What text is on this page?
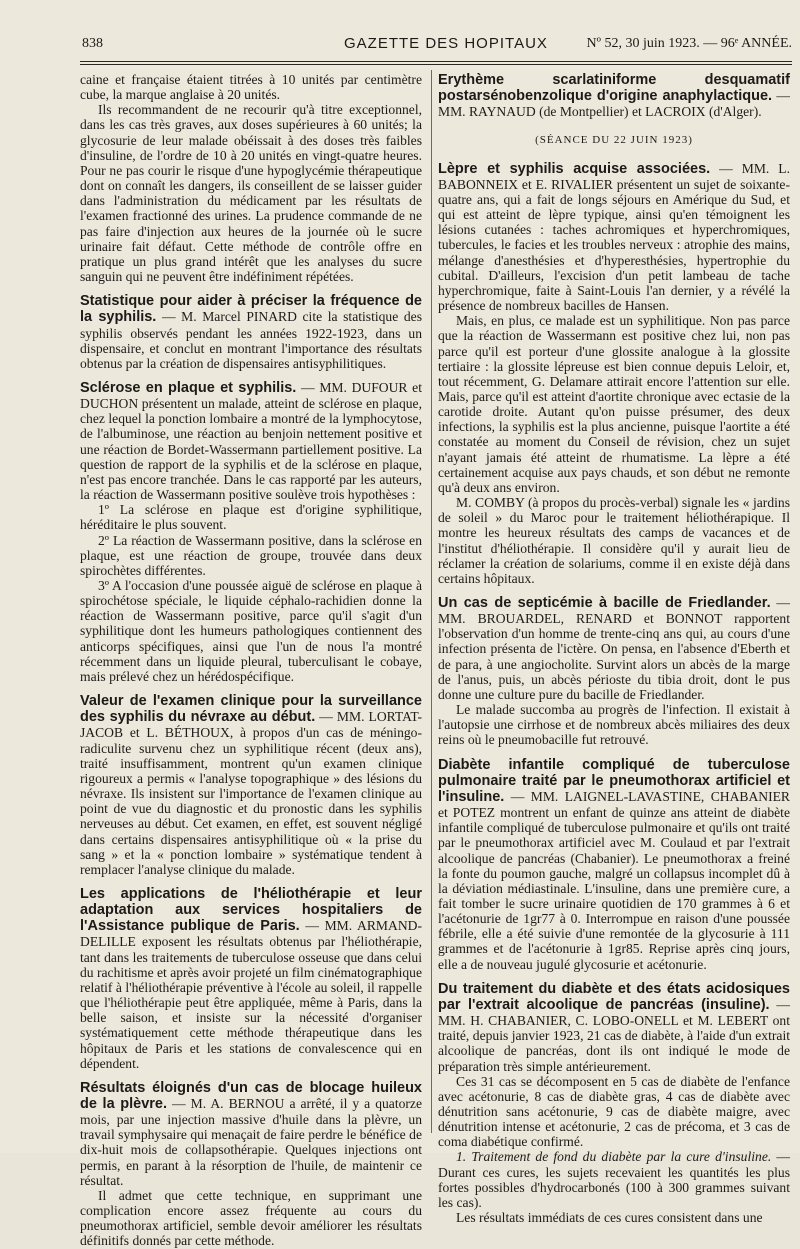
838	GAZETTE DES HOPITAUX	Nº 52, 30 juin 1923. — 96ᵉ ANNÉE.

caine et française étaient titrées à 10 unités par centimètre cube, la marque anglaise à 20 unités.

Ils recommandent de ne recourir qu'à titre exceptionnel, dans les cas très graves, aux doses supérieures à 60 unités; la glycosurie de leur malade obéissait à des doses très faibles d'insuline, de l'ordre de 10 à 20 unités en vingt-quatre heures. Pour ne pas courir le risque d'une hypoglycémie thérapeutique dont on connaît les dangers, ils conseillent de se laisser guider dans l'administration du médicament par les résultats de l'examen fractionné des urines. La prudence commande de ne pas faire d'injection aux heures de la journée où le sucre urinaire fait défaut. Cette méthode de contrôle offre en pratique un plus grand intérêt que les analyses du sucre sanguin qui ne peuvent être indéfiniment répétées.

Statistique pour aider à préciser la fréquence de la syphilis. — M. Marcel PINARD cite la statistique des syphilis observés pendant les années 1922-1923, dans un dispensaire, et conclut en montrant l'importance des résultats obtenus par la création de dispensaires antisyphilitiques.

Sclérose en plaque et syphilis. — MM. DUFOUR et DUCHON présentent un malade, atteint de sclérose en plaque, chez lequel la ponction lombaire a montré de la lymphocytose, de l'albuminose, une réaction au benjoin nettement positive et une réaction de Bordet-Wassermann partiellement positive. La question de rapport de la syphilis et de la sclérose en plaque, n'est pas encore tranchée. Dans le cas rapporté par les auteurs, la réaction de Wassermann positive soulève trois hypothèses :

1º La sclérose en plaque est d'origine syphilitique, héréditaire le plus souvent.

2º La réaction de Wassermann positive, dans la sclérose en plaque, est une réaction de groupe, trouvée dans deux spirochètes différentes.

3º A l'occasion d'une poussée aiguë de sclérose en plaque à spirochétose spéciale, le liquide céphalo-rachidien donne la réaction de Wassermann positive, parce qu'il s'agit d'un syphilitique dont les humeurs pathologiques contiennent des anticorps spécifiques, ainsi que l'un de nous l'a montré récemment dans un liquide pleural, tuberculisant le cobaye, mais prélevé chez un hérédospécifique.

Valeur de l'examen clinique pour la surveillance des syphilis du névraxe au début. — MM. LORTAT-JACOB et L. BÉTHOUX, à propos d'un cas de méningo-radiculite survenu chez un syphilitique récent (deux ans), traité insuffisamment, montrent qu'un examen clinique rigoureux a permis « l'analyse topographique » des lésions du névraxe. Ils insistent sur l'importance de l'examen clinique au point de vue du diagnostic et du pronostic dans les syphilis nerveuses au début. Cet examen, en effet, est souvent négligé dans certains dispensaires antisyphilitique où « la prise du sang » et la « ponction lombaire » systématique tendent à remplacer l'analyse clinique du malade.

Les applications de l'héliothérapie et leur adaptation aux services hospitaliers de l'Assistance publique de Paris. — MM. ARMAND-DELILLE exposent les résultats obtenus par l'héliothérapie, tant dans les traitements de tuberculose osseuse que dans celui du rachitisme et après avoir projeté un film cinématographique relatif à l'héliothérapie préventive à l'école au soleil, il rappelle que l'héliothérapie peut être appliquée, même à Paris, dans la belle saison, et insiste sur la nécessité d'organiser systématiquement cette méthode thérapeutique dans les hôpitaux de Paris et les stations de convalescence qui en dépendent.

Résultats éloignés d'un cas de blocage huileux de la plèvre. — M. A. BERNOU a arrêté, il y a quatorze mois, par une injection massive d'huile dans la plèvre, un travail symphysaire qui menaçait de faire perdre le bénéfice de dix-huit mois de collapsothérapie. Quelques injections ont permis, en parant à la résorption de l'huile, de maintenir ce résultat.

Il admet que cette technique, en supprimant une complication encore assez fréquente au cours du pneumothorax artificiel, semble devoir améliorer les résultats définitifs donnés par cette méthode.

Erythème scarlatiniforme desquamatif postarsénobenzolique d'origine anaphylactique. — MM. RAYNAUD (de Montpellier) et LACROIX (d'Alger).

(SÉANCE DU 22 JUIN 1923)

Lèpre et syphilis acquise associées. — MM. L. BABONNEIX et E. RIVALIER présentent un sujet de soixante-quatre ans, qui a fait de longs séjours en Amérique du Sud, et qui est atteint de lèpre typique, ainsi qu'en témoignent les lésions cutanées : taches achromiques et hyperchromiques, tubercules, le facies et les troubles nerveux : atrophie des mains, mélange d'anesthésies et d'hyperesthésies, hypertrophie du cubital. D'ailleurs, l'excision d'un petit lambeau de tache hyperchromique, faite à Saint-Louis l'an dernier, y a révélé la présence de nombreux bacilles de Hansen.

Mais, en plus, ce malade est un syphilitique. Non pas parce que la réaction de Wassermann est positive chez lui, non pas parce qu'il est porteur d'une glossite analogue à la glossite tertiaire : la glossite lépreuse est bien connue depuis Leloir, et, tout récemment, G. Delamare attirait encore l'attention sur elle. Mais, parce qu'il est atteint d'aortite chronique avec ectasie de la carotide droite. Autant qu'on puisse présumer, des deux infections, la syphilis est la plus ancienne, puisque l'aortite a été constatée au moment du Conseil de révision, chez un sujet n'ayant jamais été atteint de rhumatisme. La lèpre a été certainement acquise aux pays chauds, et son début ne remonte qu'à deux ans environ.

M. COMBY (à propos du procès-verbal) signale les « jardins de soleil » du Maroc pour le traitement héliothérapique. Il montre les heureux résultats des camps de vacances et de l'institut d'héliothérapie. Il considère qu'il y aurait lieu de réclamer la création de solariums, comme il en existe déjà dans certains hôpitaux.

Un cas de septicémie à bacille de Friedlander. — MM. BROUARDEL, RENARD et BONNOT rapportent l'observation d'un homme de trente-cinq ans qui, au cours d'une infection présenta de l'ictère. On pensa, en l'absence d'Eberth et de para, à une angiocholite. Survint alors un abcès de la marge de l'anus, puis, un abcès périoste du tibia droit, dont le pus donne une culture pure du bacille de Friedlander.

Le malade succomba au progrès de l'infection. Il existait à l'autopsie une cirrhose et de nombreux abcès miliaires des deux reins où le pneumobacille fut retrouvé.

Diabète infantile compliqué de tuberculose pulmonaire traité par le pneumothorax artificiel et l'insuline. — MM. LAIGNEL-LAVASTINE, CHABANIER et POTEZ montrent un enfant de quinze ans atteint de diabète infantile compliqué de tuberculose pulmonaire et qu'ils ont traité par le pneumothorax artificiel avec M. Coulaud et par l'extrait alcoolique de pancréas (Chabanier). Le pneumothorax a freiné la fonte du poumon gauche, malgré un collapsus incomplet dû à la déviation médiastinale. L'insuline, dans une première cure, a fait tomber le sucre urinaire quotidien de 170 grammes à 6 et l'acétonurie de 1gr77 à 0. Interrompue en raison d'une poussée fébrile, elle a été suivie d'une remontée de la glycosurie à 111 grammes et de l'acétonurie à 1gr85. Reprise après cinq jours, elle a de nouveau jugulé glycosurie et acétonurie.

Du traitement du diabète et des états acidosiques par l'extrait alcoolique de pancréas (insuline). — MM. H. CHABANIER, C. LOBO-ONELL et M. LEBERT ont traité, depuis janvier 1923, 21 cas de diabète, à l'aide d'un extrait alcoolique de pancréas, dont ils ont indiqué le mode de préparation très simple antérieurement.

Ces 31 cas se décomposent en 5 cas de diabète de l'enfance avec acétonurie, 8 cas de diabète gras, 4 cas de diabète avec dénutrition sans acétonurie, 9 cas de diabète maigre, avec dénutrition intense et acétonurie, 2 cas de précoma, et 3 cas de coma diabétique confirmé.

1. Traitement de fond du diabète par la cure d'insuline. — Durant ces cures, les sujets recevaient les quantités les plus fortes possibles d'hydrocarbonés (100 à 300 grammes suivant les cas).

Les résultats immédiats de ces cures consistent dans une
